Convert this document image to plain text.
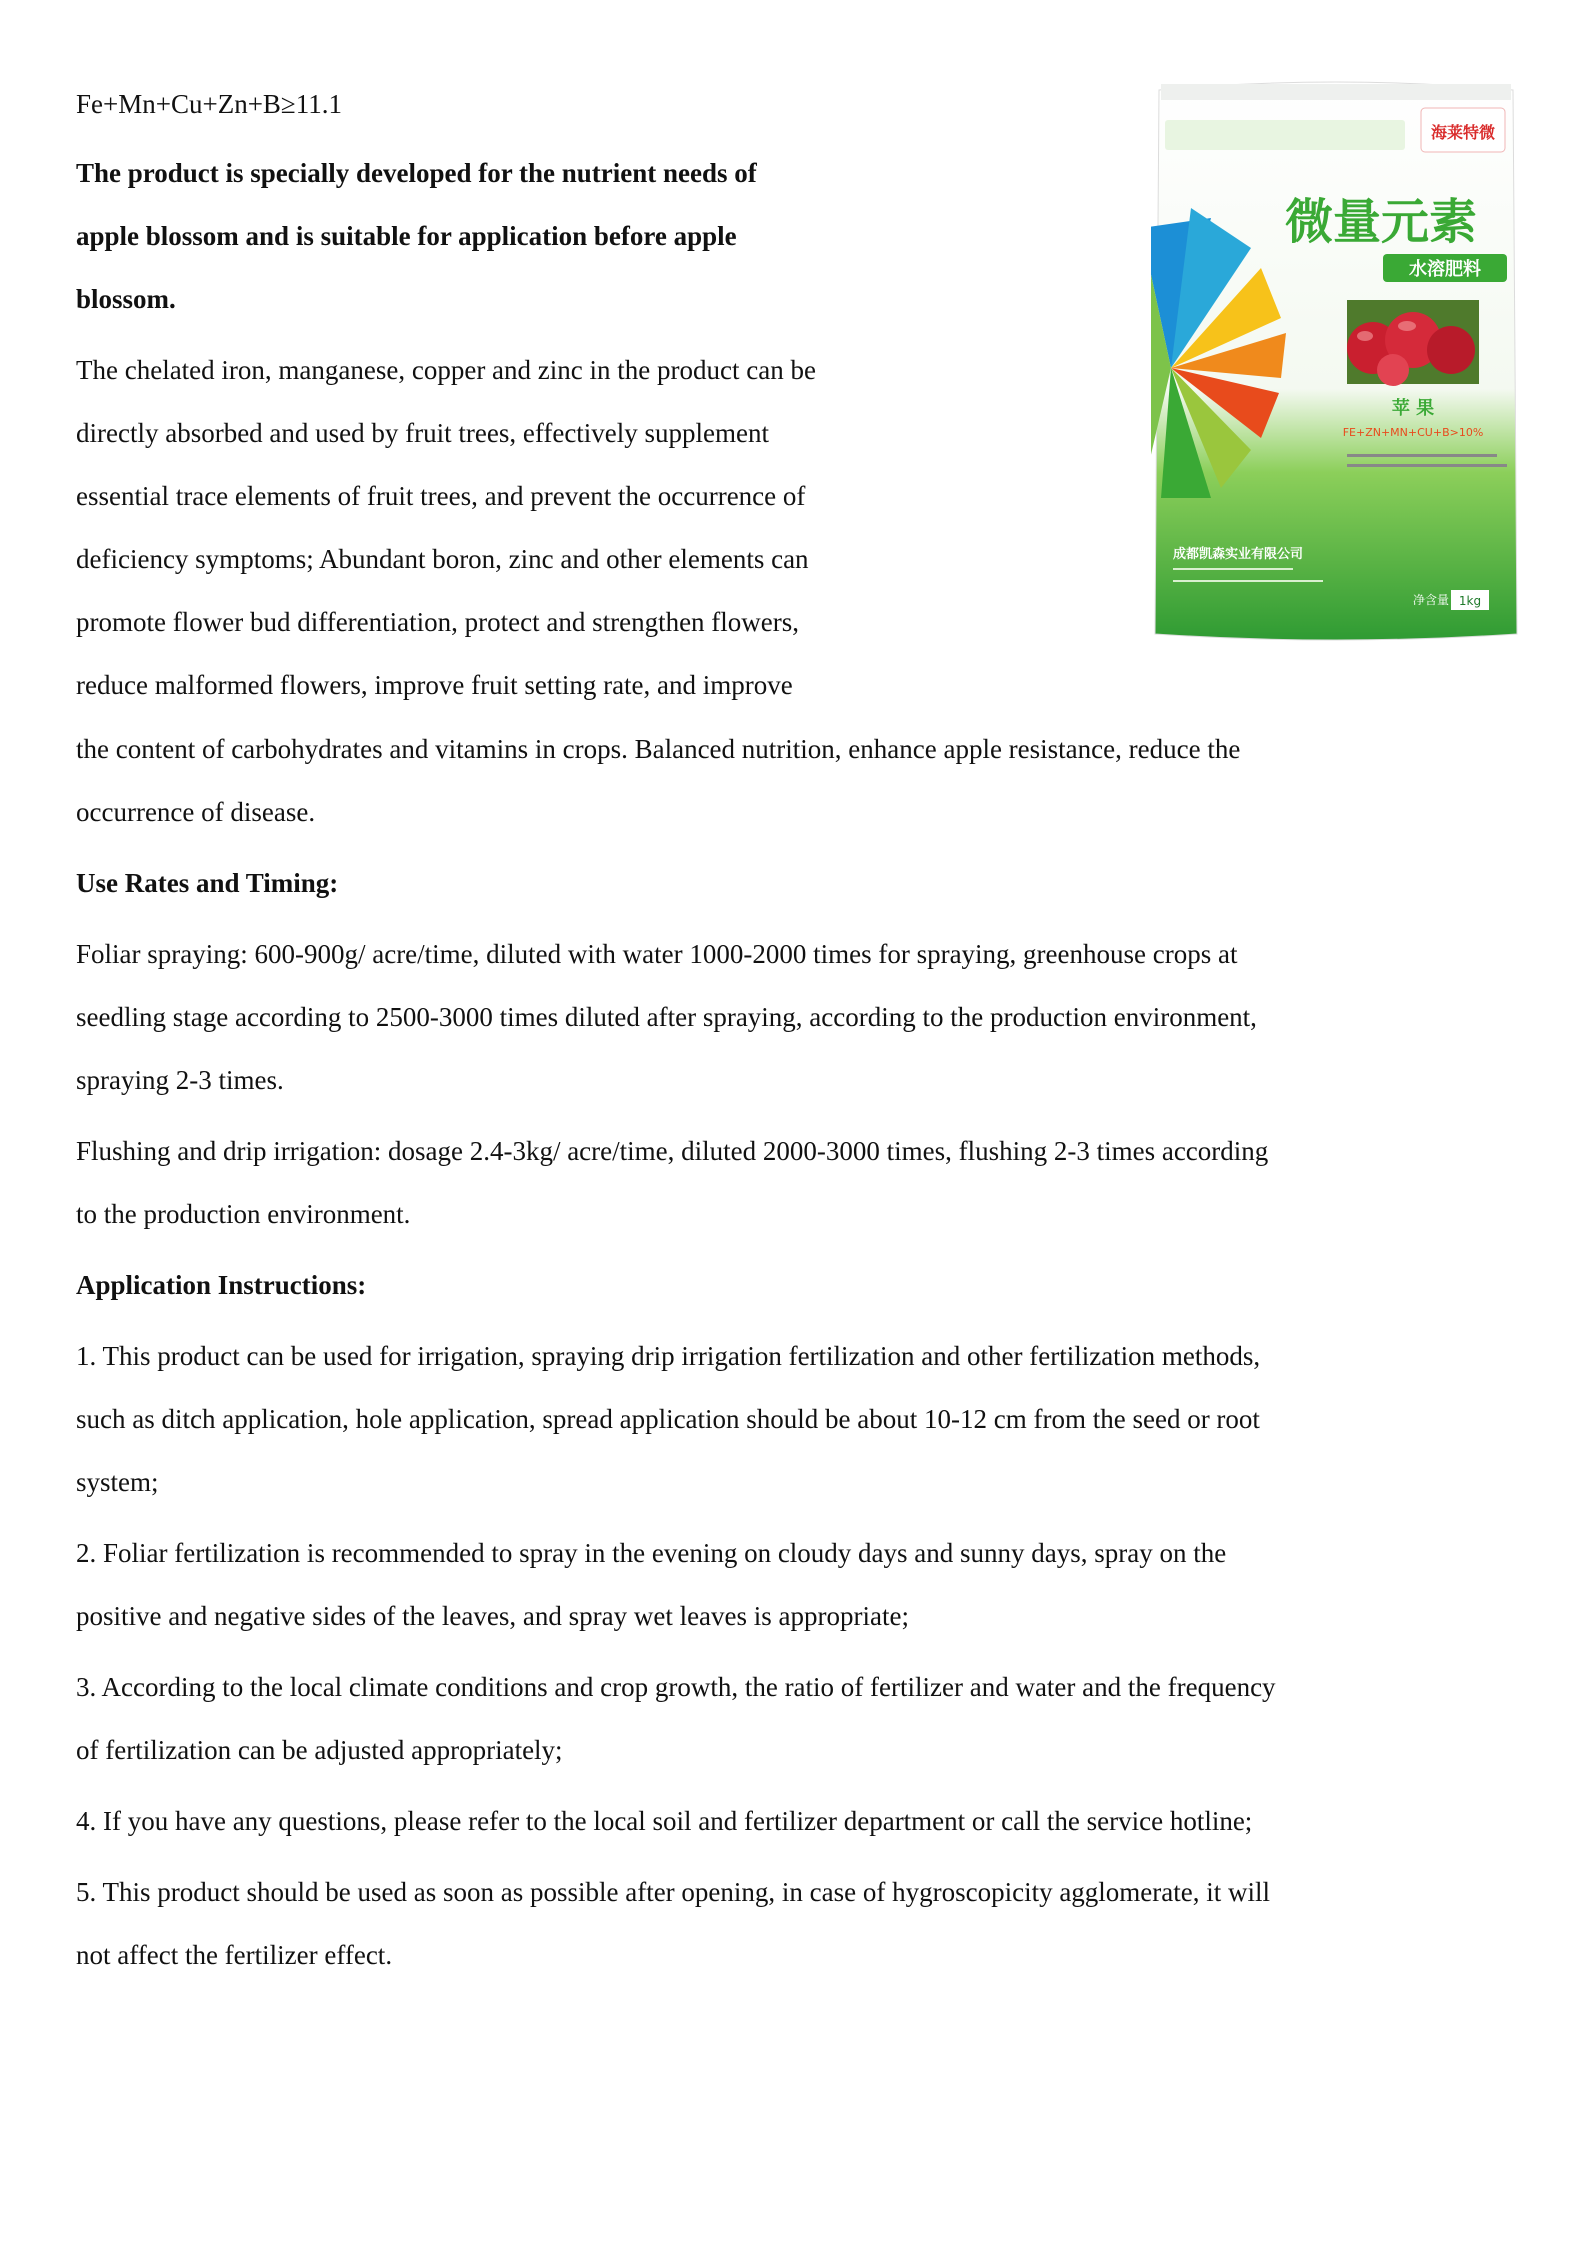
Fe+Mn+Cu+Zn+B≥11.1

The product is specially developed for the nutrient needs of

apple blossom and is suitable for application before apple

blossom.

The chelated iron, manganese, copper and zinc in the product can be

directly absorbed and used by fruit trees, effectively supplement

essential trace elements of fruit trees, and prevent the occurrence of

deficiency symptoms; Abundant boron, zinc and other elements can

promote flower bud differentiation, protect and strengthen flowers,

reduce malformed flowers, improve fruit setting rate, and improve

the content of carbohydrates and vitamins in crops. Balanced nutrition, enhance apple resistance, reduce the

occurrence of disease.

Use Rates and Timing:

Foliar spraying: 600-900g/ acre/time, diluted with water 1000-2000 times for spraying, greenhouse crops at

seedling stage according to 2500-3000 times diluted after spraying, according to the production environment,

spraying 2-3 times.

Flushing and drip irrigation: dosage 2.4-3kg/ acre/time, diluted 2000-3000 times, flushing 2-3 times according

to the production environment.

Application Instructions:

1. This product can be used for irrigation, spraying drip irrigation fertilization and other fertilization methods,

such as ditch application, hole application, spread application should be about 10-12 cm from the seed or root

system;

2. Foliar fertilization is recommended to spray in the evening on cloudy days and sunny days, spray on the

positive and negative sides of the leaves, and spray wet leaves is appropriate;

3. According to the local climate conditions and crop growth, the ratio of fertilizer and water and the frequency

of fertilization can be adjusted appropriately;

4. If you have any questions, please refer to the local soil and fertilizer department or call the service hotline;

5. This product should be used as soon as possible after opening, in case of hygroscopicity agglomerate, it will

not affect the fertilizer effect.

海莱特微
微量元素
水溶肥料
苹 果
FE+ZN+MN+CU+B>10%
成都凯森实业有限公司
净含量 1kg
